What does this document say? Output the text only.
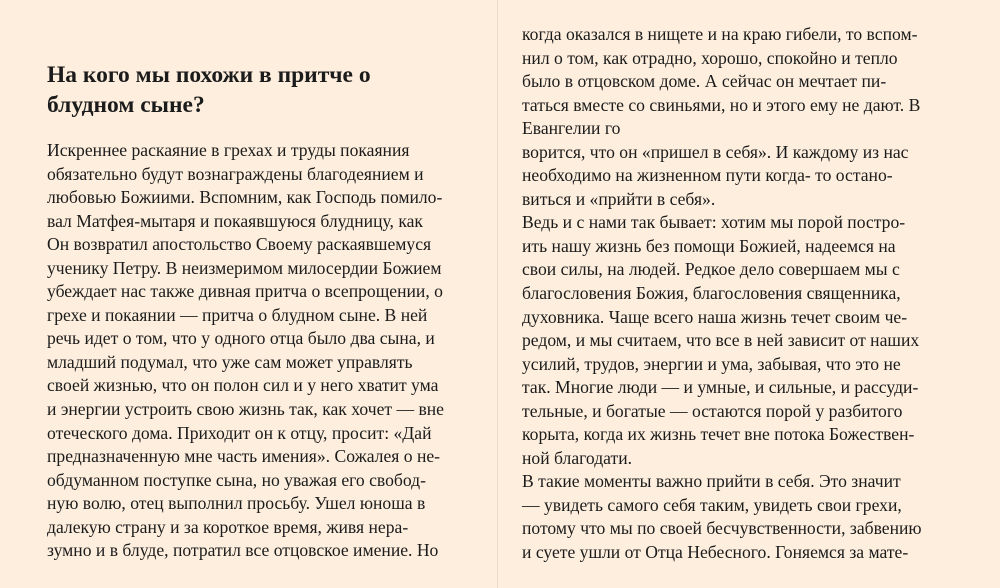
На кого мы похожи в притче о
блудном сыне?
Искреннее раскаяние в грехах и труды покаяния
обязательно будут вознаграждены благодеянием и
любовью Божиими. Вспомним, как Господь помило-
вал Матфея-мытаря и покаявшуюся блудницу, как
Он возвратил апостольство Своему раскаявшемуся
ученику Петру. В неизмеримом милосердии Божием
убеждает нас также дивная притча о всепрощении, о
грехе и покаянии — притча о блудном сыне. В ней
речь идет о том, что у одного отца было два сына, и
младший подумал, что уже сам может управлять
своей жизнью, что он полон сил и у него хватит ума
и энергии устроить свою жизнь так, как хочет — вне
отеческого дома. Приходит он к отцу, просит: «Дай
предназначенную мне часть имения». Сожалея о не-
обдуманном поступке сына, но уважая его свобод-
ную волю, отец выполнил просьбу. Ушел юноша в
далекую страну и за короткое время, живя нера-
зумно и в блуде, потратил все отцовское имение. Но
когда оказался в нищете и на краю гибели, то вспом-
нил о том, как отрадно, хорошо, спокойно и тепло
было в отцовском доме. А сейчас он мечтает пи-
таться вместе со свиньями, но и этого ему не дают. В
Евангелии го
ворится, что он «пришел в себя». И каждому из нас
необходимо на жизненном пути когда- то остано-
виться и «прийти в себя».
Ведь и с нами так бывает: хотим мы порой постро-
ить нашу жизнь без помощи Божией, надеемся на
свои силы, на людей. Редкое дело совершаем мы с
благословения Божия, благословения священника,
духовника. Чаще всего наша жизнь течет своим че-
редом, и мы считаем, что все в ней зависит от наших
усилий, трудов, энергии и ума, забывая, что это не
так. Многие люди — и умные, и сильные, и рассуди-
тельные, и богатые — остаются порой у разбитого
корыта, когда их жизнь течет вне потока Божествен-
ной благодати.
В такие моменты важно прийти в себя. Это значит
— увидеть самого себя таким, увидеть свои грехи,
потому что мы по своей бесчувственности, забвению
и суете ушли от Отца Небесного. Гоняемся за мате-
